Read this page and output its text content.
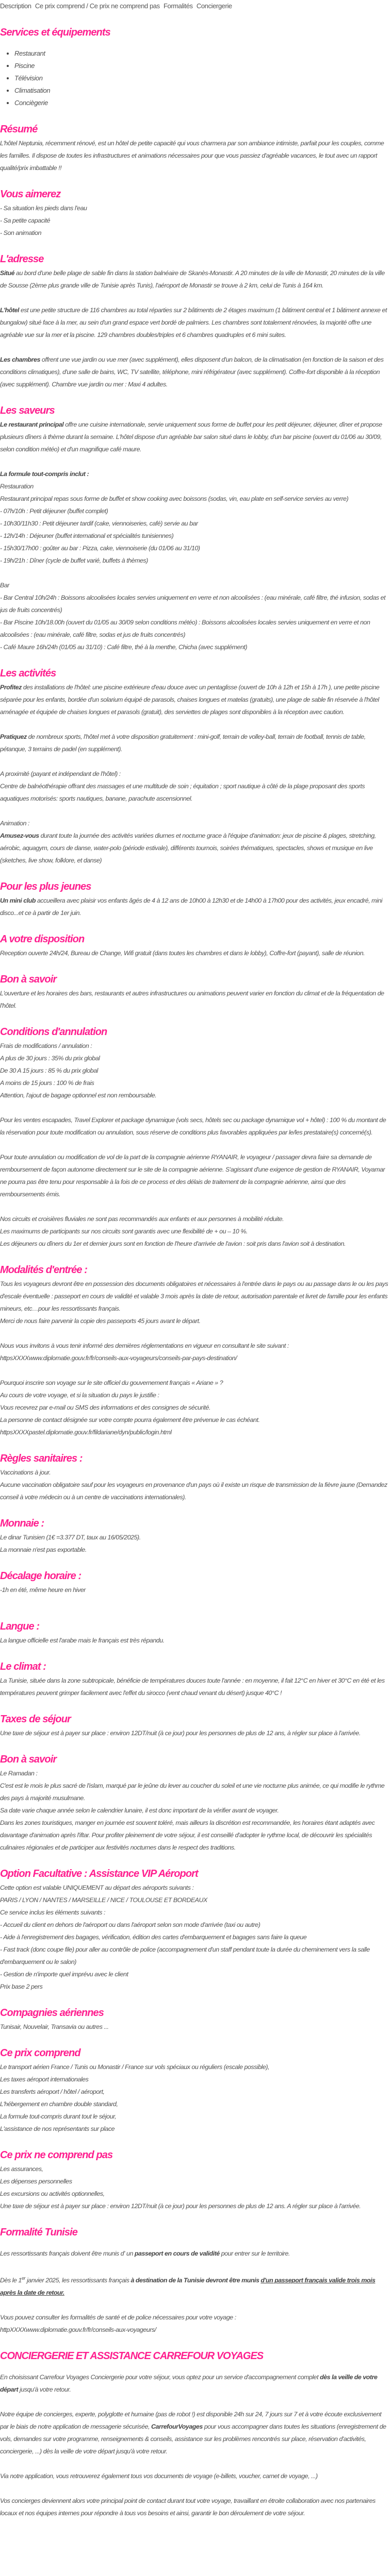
Description Ce prix comprend / Ce prix ne comprend pas Formalités Conciergerie
Services et équipements
• Restaurant
• Piscine
• Télévision
• Climatisation
• Conciègerie
Résumé

L'hôtel Neptunia, récemment rénové, est un hôtel de petite capacité qui vous charmera par son ambiance intimiste, parfait pour les couples, comme les familles. Il dispose de toutes les infrastructures et animations nécessaires pour que vous passiez d'agréable vacances, le tout avec un rapport qualité/prix imbattable !!

Vous aimerez

- Sa situation les pieds dans l'eau
- Sa petite capacité
- Son animation

L'adresse

Situé au bord d'une belle plage de sable fin dans la station balnéaire de Skanès-Monastir. A 20 minutes de la ville de Monastir, 20 minutes de la ville de Sousse (2ème plus grande ville de Tunisie après Tunis), l'aéroport de Monastir se trouve à 2 km, celui de Tunis à 164 km.

L'hôtel est une petite structure de 116 chambres au total réparties sur 2 bâtiments de 2 étages maximum (1 bâtiment central et 1 bâtiment annexe et bungalow) situé face à la mer, au sein d'un grand espace vert bordé de palmiers. Les chambres sont totalement rénovées, la majorité offre une agréable vue sur la mer et la piscine. 129 chambres doubles/triples et 6 chambres quadruples et 6 mini suites.

Les chambres offrent une vue jardin ou vue mer (avec supplément), elles disposent d'un balcon, de la climatisation (en fonction de la saison et des conditions climatiques), d'une salle de bains, WC, TV satellite, téléphone, mini réfrigérateur (avec supplément). Coffre-fort disponible à la réception (avec supplément). Chambre vue jardin ou mer : Maxi 4 adultes.

Les saveurs

Le restaurant principal offre une cuisine internationale, servie uniquement sous forme de buffet pour les petit déjeuner, déjeuner, dîner et propose plusieurs dîners à thème durant la semaine. L'hôtel dispose d'un agréable bar salon situé dans le lobby, d'un bar piscine (ouvert du 01/06 au 30/09, selon condition météo) et d'un magnifique café maure.

La formule tout-compris inclut :
Restauration
Restaurant principal repas sous forme de buffet et show cooking avec boissons (sodas, vin, eau plate en self-service servies au verre)
- 07h/10h : Petit déjeuner (buffet complet)
- 10h30/11h30 : Petit déjeuner tardif (cake, viennoiseries, café) servie au bar
- 12h/14h : Déjeuner (buffet international et spécialités tunisiennes)
- 15h30/17h00 : goûter au bar : Pizza, cake, viennoiserie (du 01/06 au 31/10)
- 19h/21h : Dîner (cycle de buffet varié, buffets à thèmes)

Bar
- Bar Central 10h/24h : Boissons alcoolisées locales servies uniquement en verre et non alcoolisées : (eau minérale, café filtre, thé infusion, sodas et jus de fruits concentrés)
- Bar Piscine 10h/18.00h (ouvert du 01/05 au 30/09 selon conditions météo) : Boissons alcoolisées locales servies uniquement en verre et non alcoolisées : (eau minérale, café filtre, sodas et jus de fruits concentrés)
- Café Maure 16h/24h (01/05 au 31/10) : Café filtre, thé à la menthe, Chicha (avec supplément)

Les activités

Profitez des installations de l'hôtel: une piscine extérieure d'eau douce avec un pentaglisse (ouvert de 10h à 12h et 15h à 17h ), une petite piscine séparée pour les enfants, bordée d'un solarium équipé de parasols, chaises longues et matelas (gratuits), une plage de sable fin réservée à l'hôtel aménagée et équipée de chaises longues et parasols (gratuit), des serviettes de plages sont disponibles à la réception avec caution.

Pratiquez de nombreux sports, l'hôtel met à votre disposition gratuitement : mini-golf, terrain de volley-ball, terrain de football, tennis de table, pétanque, 3 terrains de padel (en supplément).

A proximité (payant et indépendant de l'hôtel) :
Centre de balnéothérapie offrant des massages et une multitude de soin ; équitation ; sport nautique à côté de la plage proposant des sports aquatiques motorisés: sports nautiques, banane, parachute ascensionnel.

Animation :
Amusez-vous durant toute la journée des activités variées diurnes et nocturne grace à l'équipe d'animation: jeux de piscine & plages, stretching, aérobic, aquagym, cours de danse, water-polo (période estivale), différents tournois, soirées thématiques, spectacles, shows et musique en live (sketches, live show, folklore, et danse)

Pour les plus jeunes

Un mini club accueillera avec plaisir vos enfants âgés de 4 à 12 ans de 10h00 à 12h30 et de 14h00 à 17h00 pour des activités, jeux encadré, mini disco...et ce à partir de 1er juin.

A votre disposition

Reception ouverte 24h/24, Bureau de Change, Wifi gratuit (dans toutes les chambres et dans le lobby), Coffre-fort (payant), salle de réunion.

Bon à savoir

L'ouverture et les horaires des bars, restaurants et autres infrastructures ou animations peuvent varier en fonction du climat et de la fréquentation de l'hôtel.

Conditions d'annulation

Frais de modifications / annulation :
A plus de 30 jours : 35% du prix global
De 30 A 15 jours : 85 % du prix global
A moins de 15 jours : 100 % de frais
Attention, l'ajout de bagage optionnel est non remboursable.

Pour les ventes escapades, Travel Explorer et package dynamique (vols secs, hôtels sec ou package dynamique vol + hôtel) : 100 % du montant de la réservation pour toute modification ou annulation, sous réserve de conditions plus favorables appliquées par le/les prestataire(s) concerné(s).

Pour toute annulation ou modification de vol de la part de la compagnie aérienne RYANAIR, le voyageur / passager devra faire sa demande de remboursement de façon autonome directement sur le site de la compagnie aérienne. S'agissant d'une exigence de gestion de RYANAIR, Voyamar ne pourra pas être tenu pour responsable à la fois de ce process et des délais de traitement de la compagnie aérienne, ainsi que des remboursements émis.

Nos circuits et croisières fluviales ne sont pas recommandés aux enfants et aux personnes à mobilité réduite.
Les maximums de participants sur nos circuits sont garantis avec une flexibilité de + ou – 10 %.
Les déjeuners ou dîners du 1er et dernier jours sont en fonction de l'heure d'arrivée de l'avion : soit pris dans l'avion soit à destination.

Modalités d'entrée :

Tous les voyageurs devront être en possession des documents obligatoires et nécessaires à l'entrée dans le pays ou au passage dans le ou les pays d'escale éventuelle : passeport en cours de validité et valable 3 mois après la date de retour, autorisation parentale et livret de famille pour les enfants mineurs, etc…pour les ressortissants français.
Merci de nous faire parvenir la copie des passeports 45 jours avant le départ.

Nous vous invitons à vous tenir informé des dernières réglementations en vigueur en consultant le site suivant : httpsXXXXwww.diplomatie.gouv.fr/fr/conseils-aux-voyageurs/conseils-par-pays-destination/

Pourquoi inscrire son voyage sur le site officiel du gouvernement français « Ariane » ?
Au cours de votre voyage, et si la situation du pays le justifie :
Vous recevrez par e-mail ou SMS des informations et des consignes de sécurité.
La personne de contact désignée sur votre compte pourra également être prévenue le cas échéant.
httpsXXXXpastel.diplomatie.gouv.fr/fildariane/dyn/public/login.html

Règles sanitaires :

Vaccinations à jour.
Aucune vaccination obligatoire sauf pour les voyageurs en provenance d'un pays où il existe un risque de transmission de la fièvre jaune (Demandez conseil à votre médecin ou à un centre de vaccinations internationales).

Monnaie :

Le dinar Tunisien (1€ =3.377 DT, taux au 16/05/2025).
La monnaie n'est pas exportable.

Décalage horaire :

-1h en été, même heure en hiver

Langue :

La langue officielle est l'arabe mais le français est très répandu.

Le climat :

La Tunisie, située dans la zone subtropicale, bénéficie de températures douces toute l'année : en moyenne, il fait 12°C en hiver et 30°C en été et les températures peuvent grimper facilement avec l'effet du sirocco (vent chaud venant du désert) jusque 40°C !

Taxes de séjour

Une taxe de séjour est à payer sur place : environ 12DT/nuit (à ce jour) pour les personnes de plus de 12 ans, à régler sur place à l'arrivée.

Bon à savoir

Le Ramadan :
C'est est le mois le plus sacré de l'islam, marqué par le jeûne du lever au coucher du soleil et une vie nocturne plus animée, ce qui modifie le rythme des pays à majorité musulmane.
Sa date varie chaque année selon le calendrier lunaire, il est donc important de la vérifier avant de voyager.
Dans les zones touristiques, manger en journée est souvent toléré, mais ailleurs la discrétion est recommandée, les horaires étant adaptés avec davantage d'animation après l'iftar. Pour profiter pleinement de votre séjour, il est conseillé d'adopter le rythme local, de découvrir les spécialités culinaires régionales et de participer aux festivités nocturnes dans le respect des traditions.

Option Facultative : Assistance VIP Aéroport

Cette option est valable UNIQUEMENT au départ des aéroports suivants :
PARIS / LYON / NANTES / MARSEILLE / NICE / TOULOUSE ET BORDEAUX
Ce service inclus les éléments suivants :
- Accueil du client en dehors de l'aéroport ou dans l'aéroport selon son mode d'arrivée (taxi ou autre)
- Aide à l'enregistrement des bagages, vérification, édition des cartes d'embarquement et bagages sans faire la queue
- Fast track (donc coupe file) pour aller au contrôle de police (accompagnement d'un staff pendant toute la durée du cheminement vers la salle d'embarquement ou le salon)
- Gestion de n'importe quel imprévu avec le client
Prix base 2 pers

Compagnies aériennes

Tunisair, Nouvelair, Transavia ou autres ...

Ce prix comprend

Le transport aérien France / Tunis ou Monastir / France sur vols spéciaux ou réguliers (escale possible),
Les taxes aéroport internationales
Les transferts aéroport / hôtel / aéroport,
L'hébergement en chambre double standard,
La formule tout-compris durant tout le séjour,
L'assistance de nos représentants sur place

Ce prix ne comprend pas

Les assurances,
Les dépenses personnelles
Les excursions ou activités optionnelles,
Une taxe de séjour est à payer sur place : environ 12DT/nuit (à ce jour) pour les personnes de plus de 12 ans. A régler sur place à l'arrivée.

Formalité Tunisie

Les ressortissants français doivent être munis d' un passeport en cours de validité pour entrer sur le territoire.

Dès le 1er janvier 2025, les ressortissants français à destination de la Tunisie devront être munis d'un passeport français valide trois mois après la date de retour.

Vous pouvez consulter les formalités de santé et de police nécessaires pour votre voyage :
httpXXXXwww.diplomatie.gouv.fr/fr/conseils-aux-voyageurs/

CONCIERGERIE ET ASSISTANCE CARREFOUR VOYAGES

En choisissant Carrefour Voyages Conciergerie pour votre séjour, vous optez pour un service d'accompagnement complet dès la veille de votre départ jusqu'à votre retour.

Notre équipe de concierges, experte, polyglotte et humaine (pas de robot !) est disponible 24h sur 24, 7 jours sur 7 et à votre écoute exclusivement par le biais de notre application de messagerie sécurisée, CarrefourVoyages pour vous accompagner dans toutes les situations (enregistrement de vols, demandes sur votre programme, renseignements & conseils, assistance sur les problèmes rencontrés sur place, réservation d'activités, conciergerie, ...) dès la veille de votre départ jusqu'à votre retour.

Via notre application, vous retrouverez également tous vos documents de voyage (e-billets, voucher, carnet de voyage, ...)

Vos concierges deviennent alors votre principal point de contact durant tout votre voyage, travaillant en étroite collaboration avec nos partenaires locaux et nos équipes internes pour répondre à tous vos besoins et ainsi, garantir le bon déroulement de votre séjour.
